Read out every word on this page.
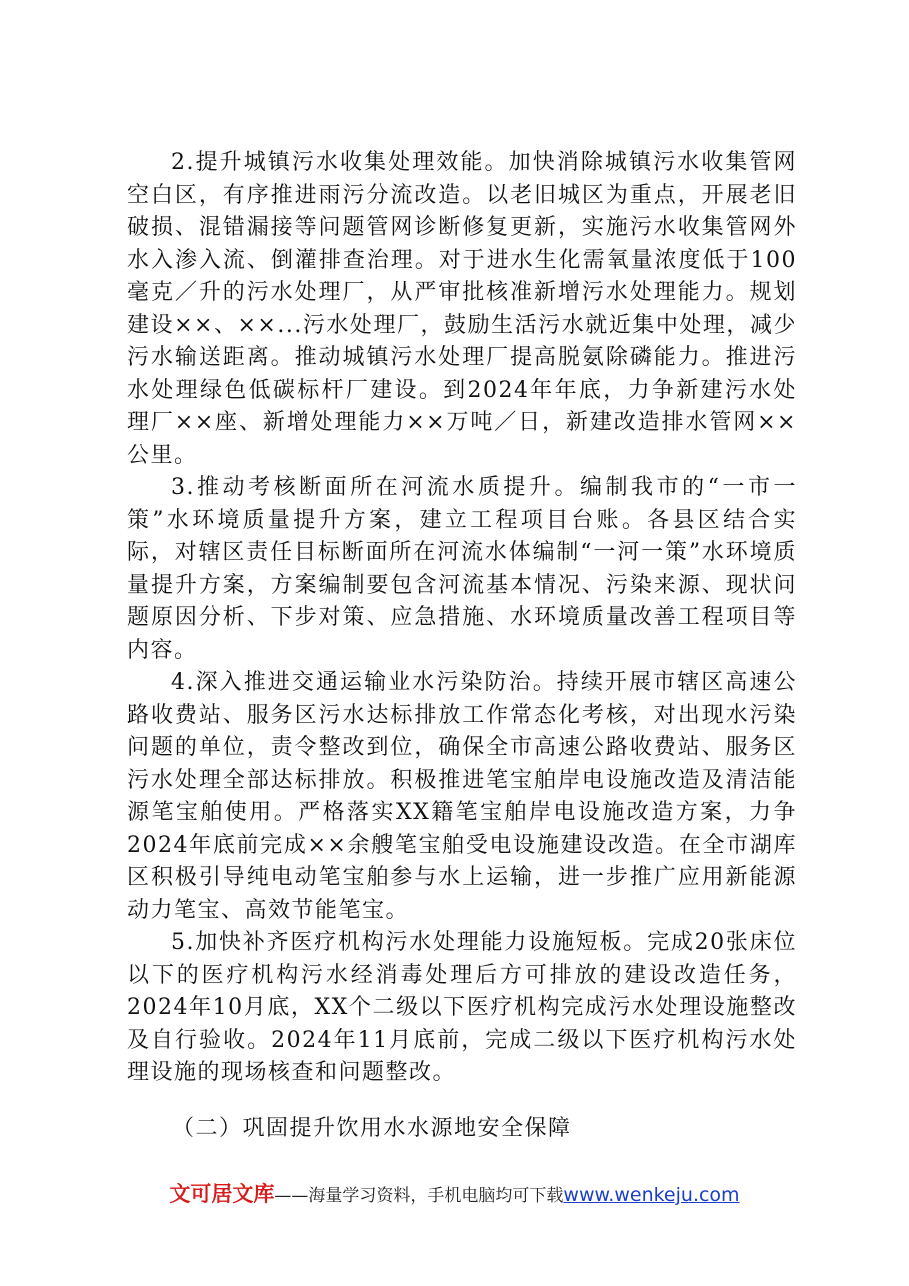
2.提升城镇污水收集处理效能。加快消除城镇污水收集管网空白区，有序推进雨污分流改造。以老旧城区为重点，开展老旧破损、混错漏接等问题管网诊断修复更新，实施污水收集管网外水入渗入流、倒灌排查治理。对于进水生化需氧量浓度低于100毫克／升的污水处理厂，从严审批核准新增污水处理能力。规划建设××、××...污水处理厂，鼓励生活污水就近集中处理，减少污水输送距离。推动城镇污水处理厂提高脱氨除磷能力。推进污水处理绿色低碳标杆厂建设。到2024年年底，力争新建污水处理厂××座、新增处理能力××万吨／日，新建改造排水管网××公里。

3.推动考核断面所在河流水质提升。编制我市的“一市一策”水环境质量提升方案，建立工程项目台账。各县区结合实际，对辖区责任目标断面所在河流水体编制“一河一策”水环境质量提升方案，方案编制要包含河流基本情况、污染来源、现状问题原因分析、下步对策、应急措施、水环境质量改善工程项目等内容。

4.深入推进交通运输业水污染防治。持续开展市辖区高速公路收费站、服务区污水达标排放工作常态化考核，对出现水污染问题的单位，责令整改到位，确保全市高速公路收费站、服务区污水处理全部达标排放。积极推进笔宝舶岸电设施改造及清洁能源笔宝舶使用。严格落实XX籍笔宝舶岸电设施改造方案，力争2024年底前完成××余艘笔宝舶受电设施建设改造。在全市湖库区积极引导纯电动笔宝舶参与水上运输，进一步推广应用新能源动力笔宝、高效节能笔宝。

5.加快补齐医疗机构污水处理能力设施短板。完成20张床位以下的医疗机构污水经消毒处理后方可排放的建设改造任务，2024年10月底，XX个二级以下医疗机构完成污水处理设施整改及自行验收。2024年11月底前，完成二级以下医疗机构污水处理设施的现场核查和问题整改。

（二）巩固提升饮用水水源地安全保障
文可居文库——海量学习资料，手机电脑均可下载www.wenkeju.com
